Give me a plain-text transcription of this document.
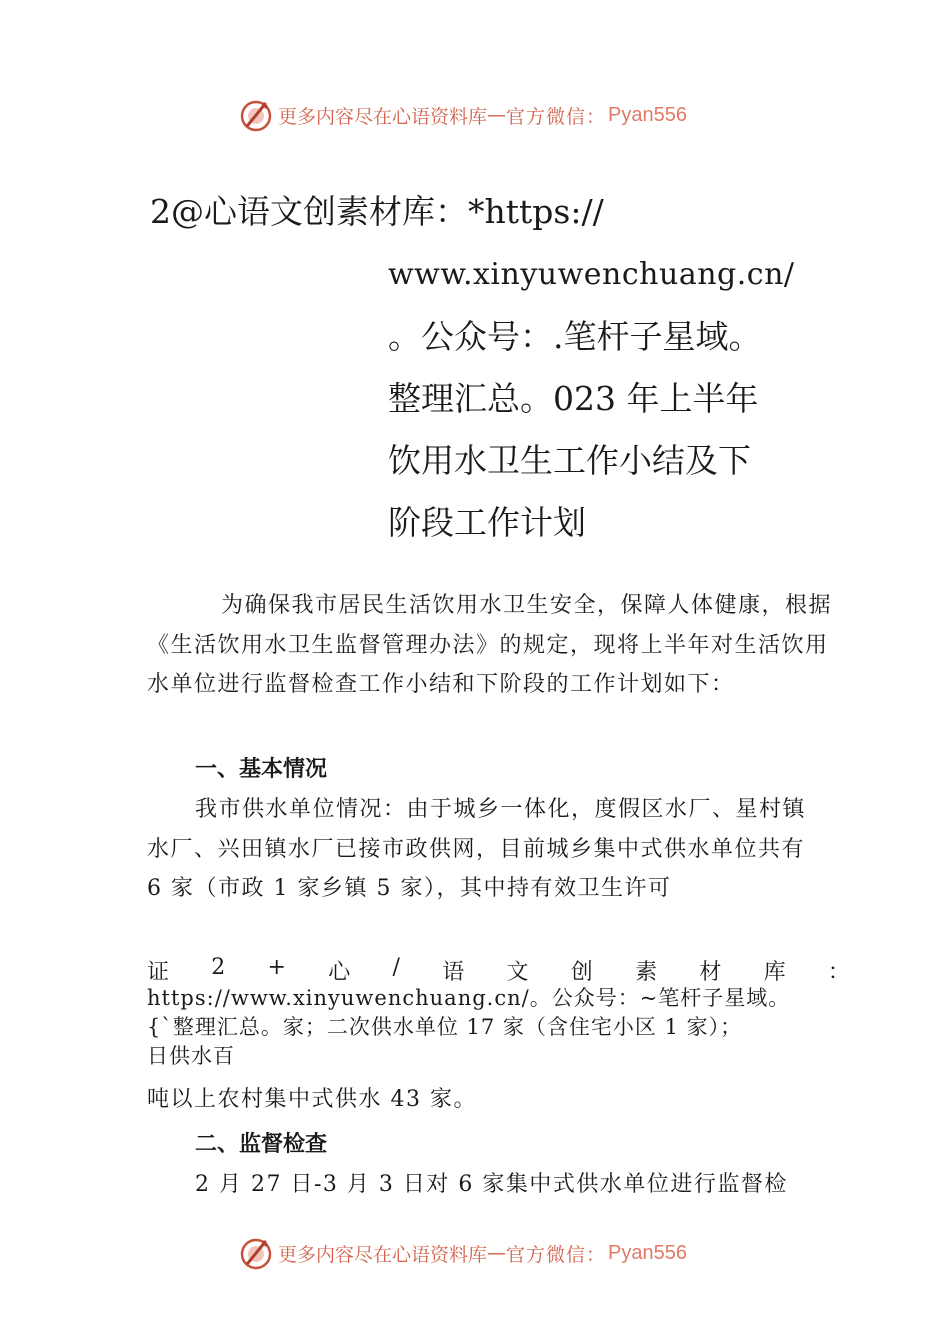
更多内容尽在心语资料库 — 官方微信： Pyan556
2@心语文创素材库：*https://
www.xinyuwenchuang.cn/
。公众号：.笔杆子星域。
整理汇总。023 年上半年
饮用水卫生工作小结及下
阶段工作计划
为确保我市居民生活饮用水卫生安全，保障人体健康，根据《生活饮用水卫生监督管理办法》的规定，现将上半年对生活饮用水单位进行监督检查工作小结和下阶段的工作计划如下：
一、基本情况
我市供水单位情况：由于城乡一体化，度假区水厂、星村镇水厂、兴田镇水厂已接市政供网，目前城乡集中式供水单位共有 6 家（市政 1 家乡镇 5 家），其中持有效卫生许可
证 2 + 心 / 语 文 创 素 材 库 ：
https://www.xinyuwenchuang.cn/。公众号：~笔杆子星域。
{`整理汇总。家；二次供水单位 17 家（含住宅小区 1 家）；
日供水百
吨以上农村集中式供水 43 家。
二、监督检查
2 月 27 日-3 月 3 日对 6 家集中式供水单位进行监督检
更多内容尽在心语资料库 — 官方微信： Pyan556
